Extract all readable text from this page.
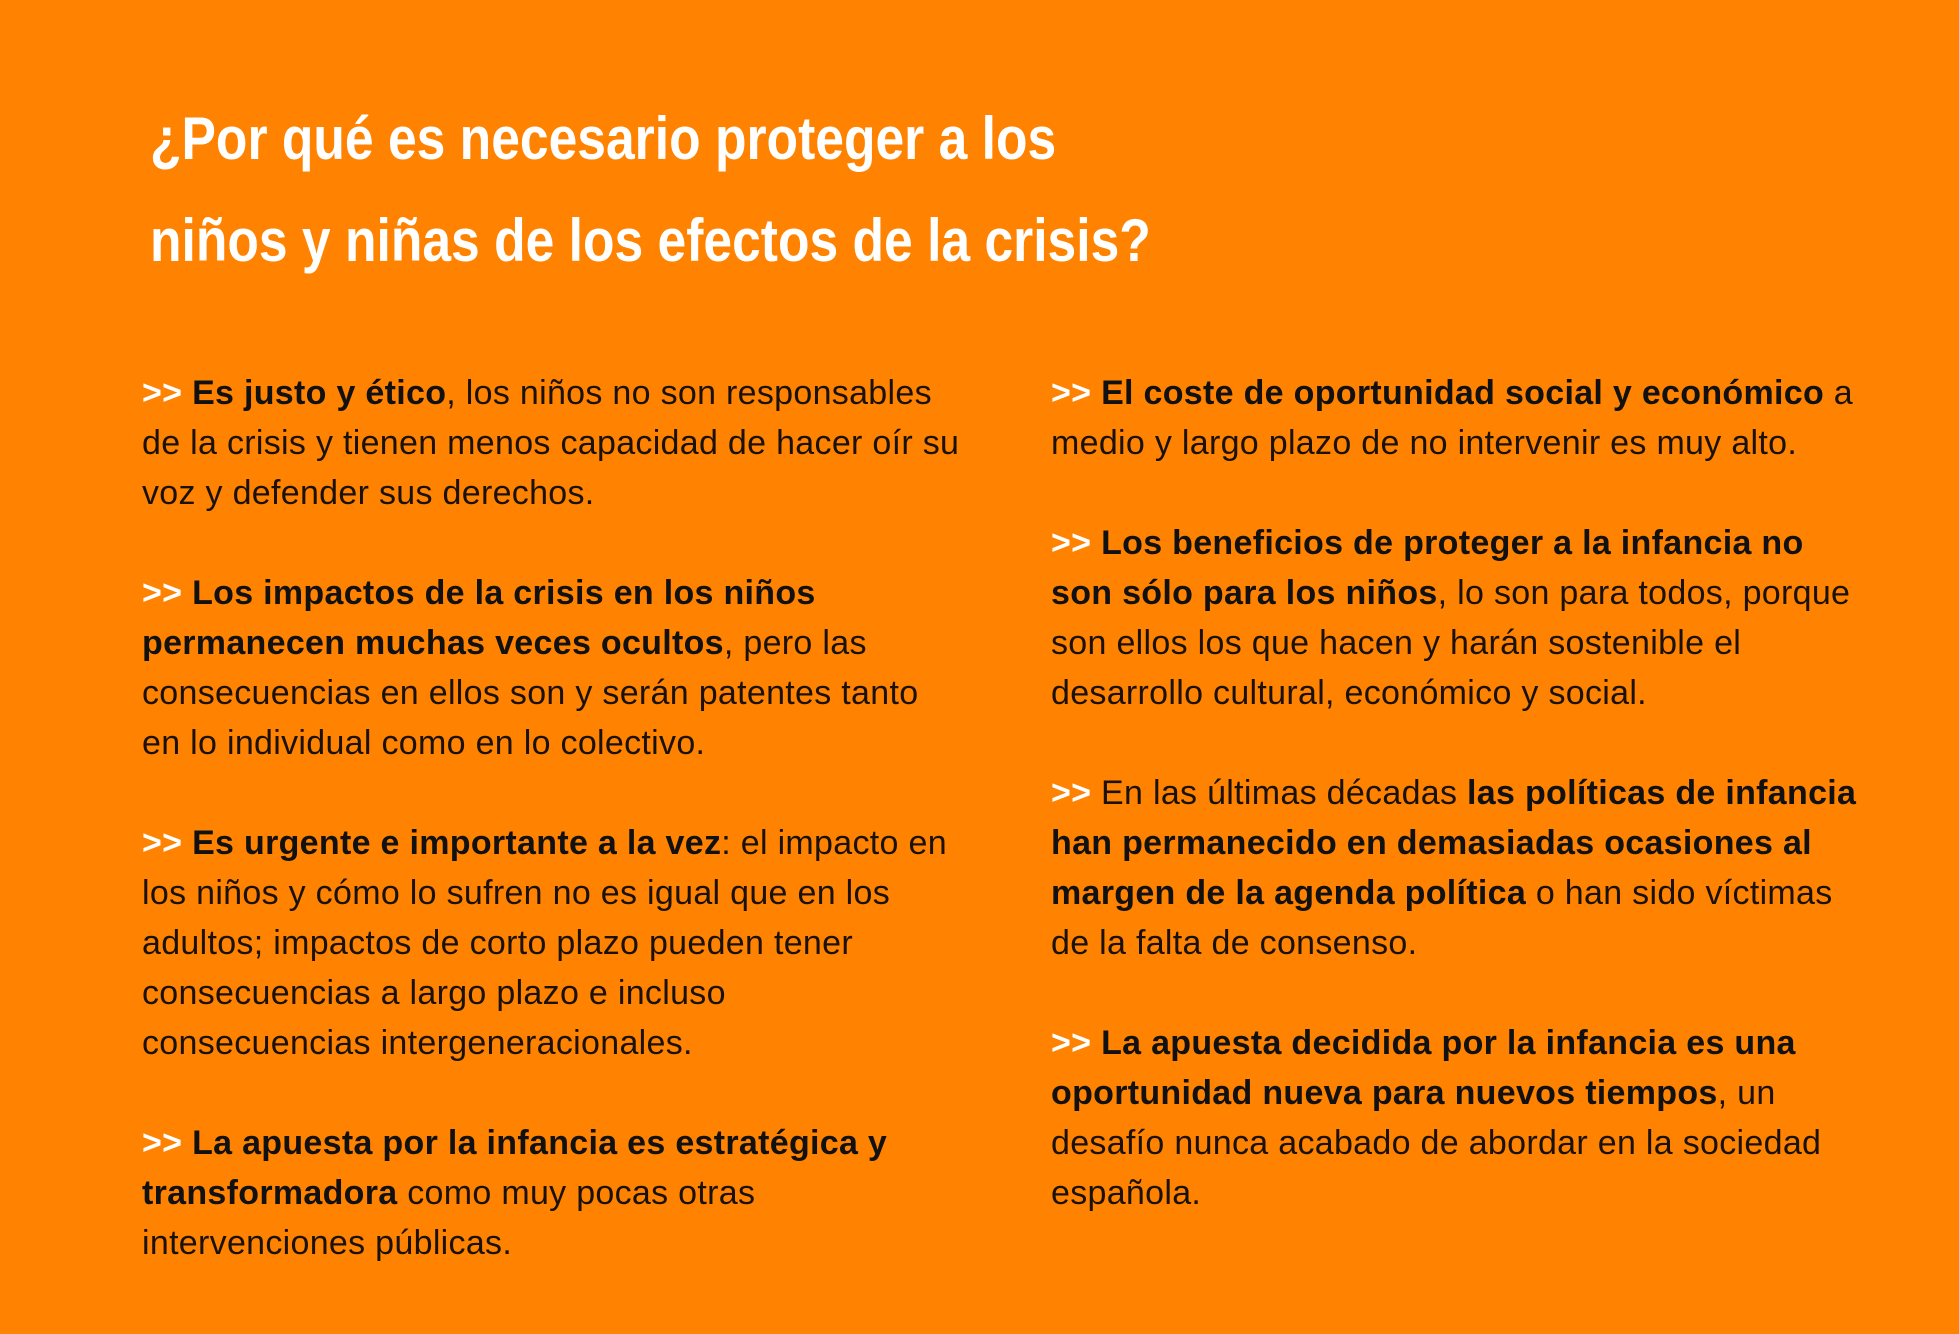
¿Por qué es necesario proteger a los
niños y niñas de los efectos de la crisis?

>> Es justo y ético, los niños no son responsables de la crisis y tienen menos capacidad de hacer oír su voz y defender sus derechos.

>> Los impactos de la crisis en los niños permanecen muchas veces ocultos, pero las consecuencias en ellos son y serán patentes tanto en lo individual como en lo colectivo.

>> Es urgente e importante a la vez: el impacto en los niños y cómo lo sufren no es igual que en los adultos; impactos de corto plazo pueden tener consecuencias a largo plazo e incluso consecuencias intergeneracionales.

>> La apuesta por la infancia es estratégica y transformadora como muy pocas otras intervenciones públicas.

>> El coste de oportunidad social y económico a medio y largo plazo de no intervenir es muy alto.

>> Los beneficios de proteger a la infancia no son sólo para los niños, lo son para todos, porque son ellos los que hacen y harán sostenible el desarrollo cultural, económico y social.

>> En las últimas décadas las políticas de infancia han permanecido en demasiadas ocasiones al margen de la agenda política o han sido víctimas de la falta de consenso.

>> La apuesta decidida por la infancia es una oportunidad nueva para nuevos tiempos, un desafío nunca acabado de abordar en la sociedad española.
